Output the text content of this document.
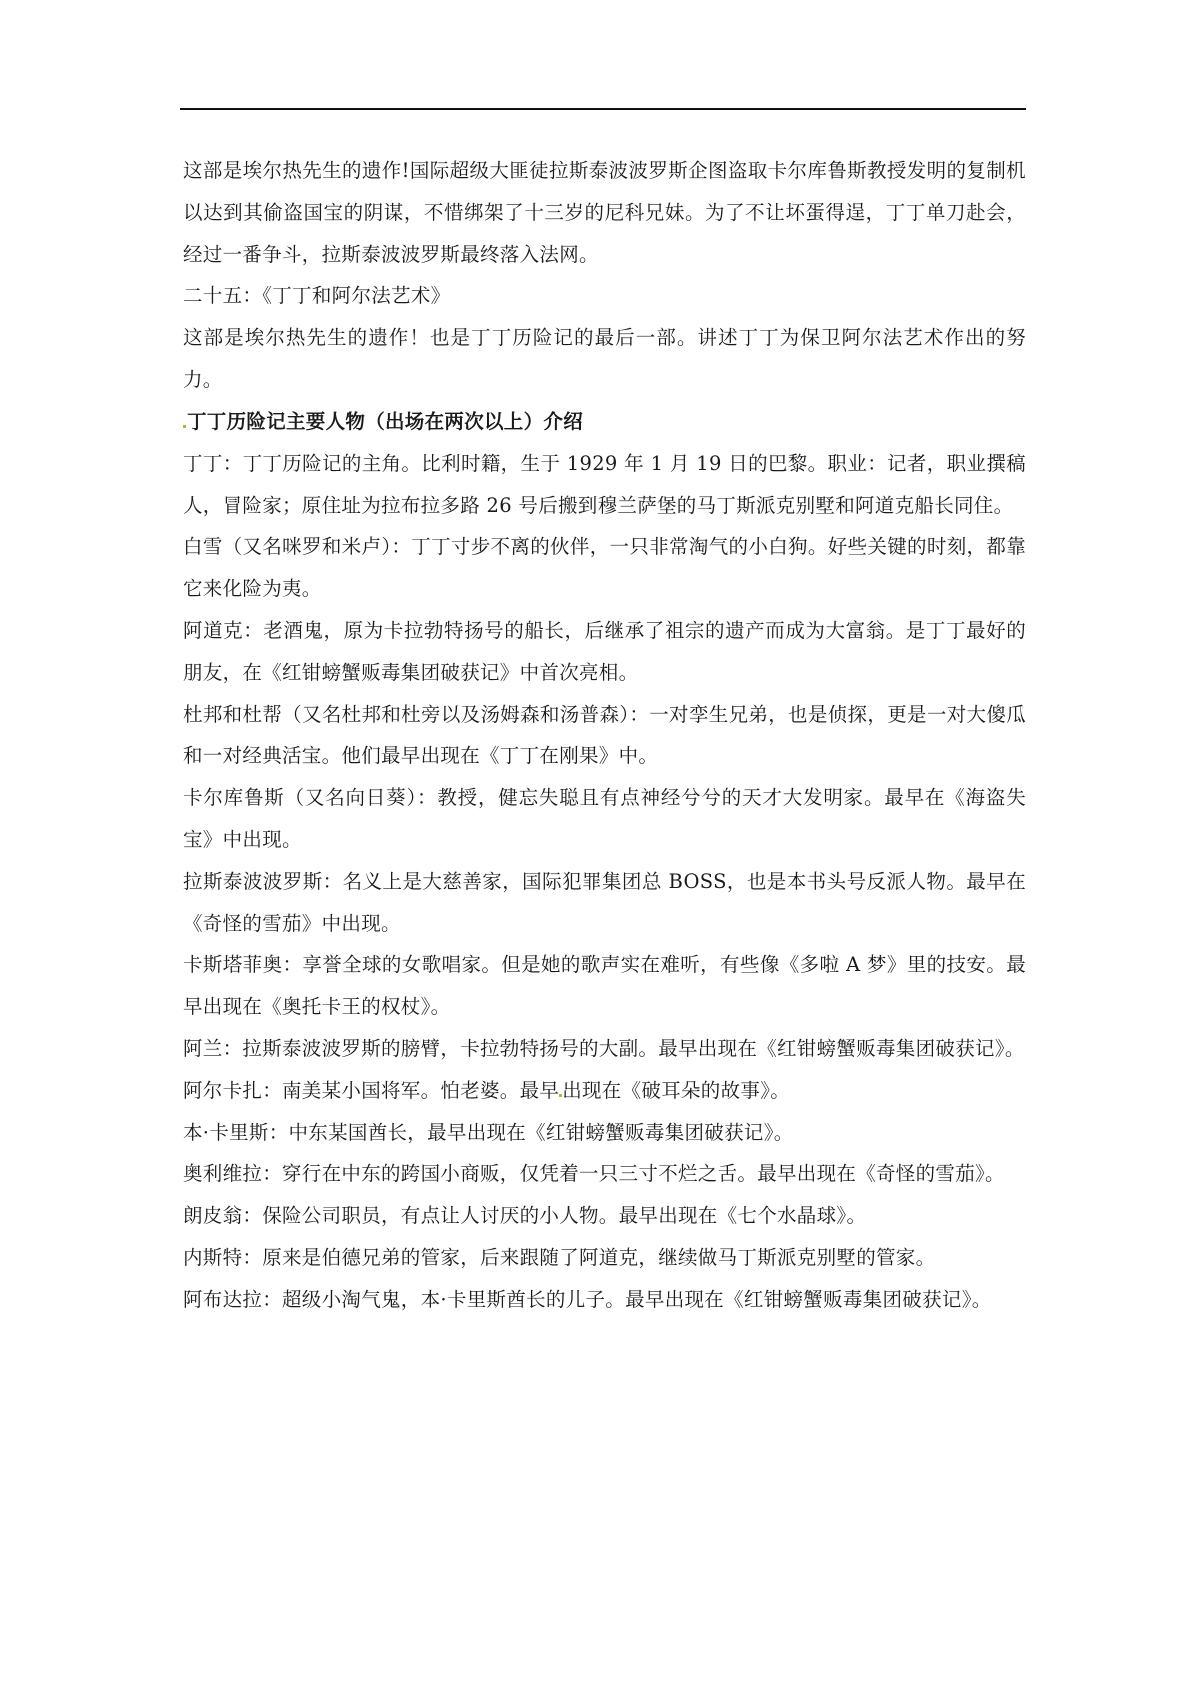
这部是埃尔热先生的遗作!国际超级大匪徒拉斯泰波波罗斯企图盗取卡尔库鲁斯教授发明的复制机以达到其偷盗国宝的阴谋，不惜绑架了十三岁的尼科兄妹。为了不让坏蛋得逞，丁丁单刀赴会，经过一番争斗，拉斯泰波波罗斯最终落入法网。

二十五：《丁丁和阿尔法艺术》

这部是埃尔热先生的遗作！也是丁丁历险记的最后一部。讲述丁丁为保卫阿尔法艺术作出的努力。

丁丁历险记主要人物（出场在两次以上）介绍

丁丁：丁丁历险记的主角。比利时籍，生于 1929 年 1 月 19 日的巴黎。职业：记者，职业撰稿人，冒险家；原住址为拉布拉多路 26 号后搬到穆兰萨堡的马丁斯派克别墅和阿道克船长同住。

白雪（又名咪罗和米卢）：丁丁寸步不离的伙伴，一只非常淘气的小白狗。好些关键的时刻，都靠它来化险为夷。

阿道克：老酒鬼，原为卡拉勃特扬号的船长，后继承了祖宗的遗产而成为大富翁。是丁丁最好的朋友，在《红钳螃蟹贩毒集团破获记》中首次亮相。

杜邦和杜帮（又名杜邦和杜旁以及汤姆森和汤普森）：一对孪生兄弟，也是侦探，更是一对大傻瓜和一对经典活宝。他们最早出现在《丁丁在刚果》中。

卡尔库鲁斯（又名向日葵）：教授，健忘失聪且有点神经兮兮的天才大发明家。最早在《海盗失宝》中出现。

拉斯泰波波罗斯：名义上是大慈善家，国际犯罪集团总 BOSS，也是本书头号反派人物。最早在《奇怪的雪茄》中出现。

卡斯塔菲奥：享誉全球的女歌唱家。但是她的歌声实在难听，有些像《多啦 A 梦》里的技安。最早出现在《奥托卡王的权杖》。

阿兰：拉斯泰波波罗斯的膀臂，卡拉勃特扬号的大副。最早出现在《红钳螃蟹贩毒集团破获记》。

阿尔卡扎：南美某小国将军。怕老婆。最早 出现在《破耳朵的故事》。

本·卡里斯：中东某国酋长，最早出现在《红钳螃蟹贩毒集团破获记》。

奥利维拉：穿行在中东的跨国小商贩，仅凭着一只三寸不烂之舌。最早出现在《奇怪的雪茄》。

朗皮翁：保险公司职员，有点让人讨厌的小人物。最早出现在《七个水晶球》。

内斯特：原来是伯德兄弟的管家，后来跟随了阿道克，继续做马丁斯派克别墅的管家。

阿布达拉：超级小淘气鬼，本·卡里斯酋长的儿子。最早出现在《红钳螃蟹贩毒集团破获记》。
